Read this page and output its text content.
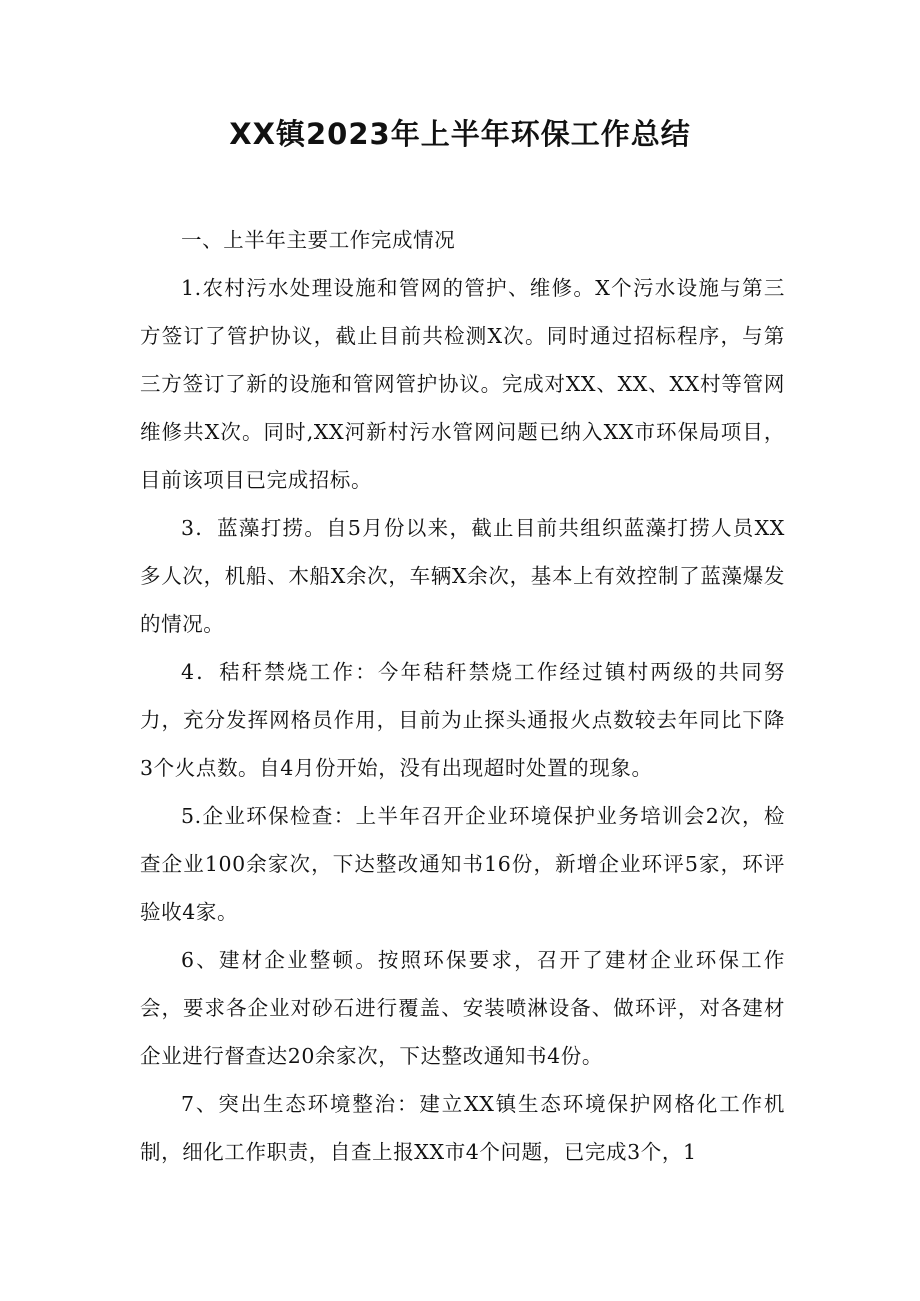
XX镇2023年上半年环保工作总结

一、上半年主要工作完成情况

1.农村污水处理设施和管网的管护、维修。X个污水设施与第三方签订了管护协议，截止目前共检测X次。同时通过招标程序，与第三方签订了新的设施和管网管护协议。完成对XX、XX、XX村等管网维修共X次。同时,XX河新村污水管网问题已纳入XX市环保局项目，目前该项目已完成招标。

3．蓝藻打捞。自5月份以来，截止目前共组织蓝藻打捞人员XX多人次，机船、木船X余次，车辆X余次，基本上有效控制了蓝藻爆发的情况。

4．秸秆禁烧工作：今年秸秆禁烧工作经过镇村两级的共同努力，充分发挥网格员作用，目前为止探头通报火点数较去年同比下降3个火点数。自4月份开始，没有出现超时处置的现象。

5.企业环保检查：上半年召开企业环境保护业务培训会2次，检查企业100余家次，下达整改通知书16份，新增企业环评5家，环评验收4家。

6、建材企业整顿。按照环保要求，召开了建材企业环保工作会，要求各企业对砂石进行覆盖、安装喷淋设备、做环评，对各建材企业进行督查达20余家次，下达整改通知书4份。

7、突出生态环境整治：建立XX镇生态环境保护网格化工作机制，细化工作职责，自查上报XX市4个问题，已完成3个，1
